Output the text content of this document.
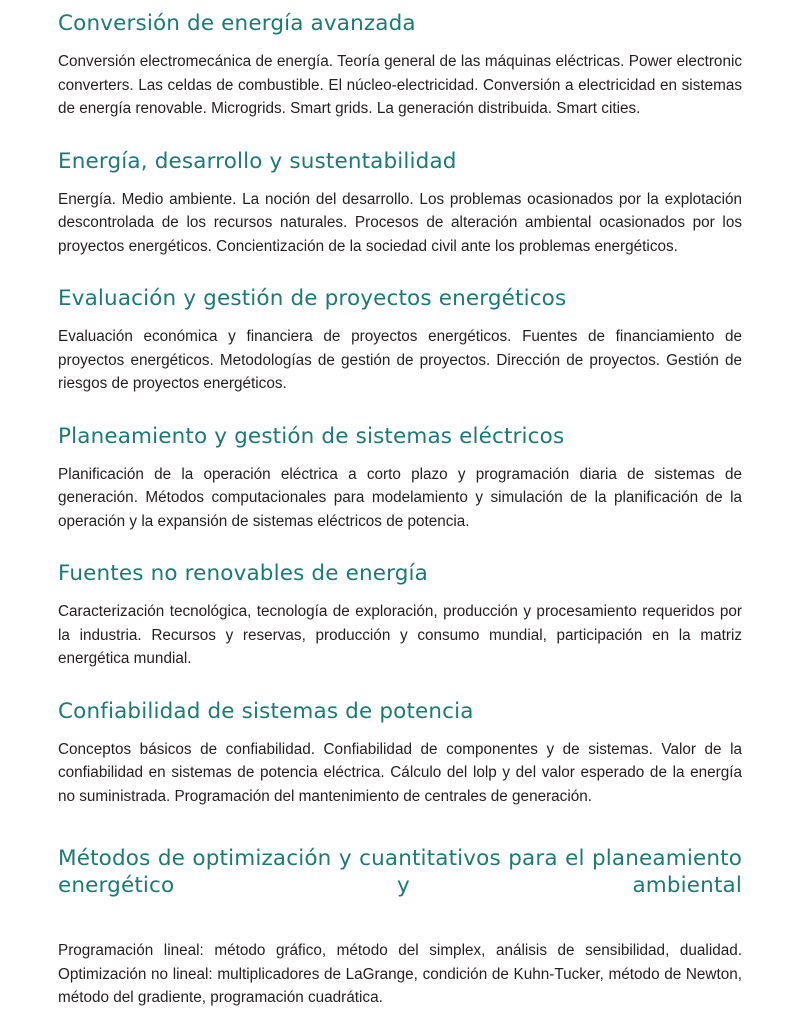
Conversión de energía avanzada

Conversión electromecánica de energía. Teoría general de las máquinas eléctricas. Power electronic converters. Las celdas de combustible. El núcleo-electricidad. Conversión a electricidad en sistemas de energía renovable. Microgrids. Smart grids. La generación distribuida. Smart cities.

Energía, desarrollo y sustentabilidad

Energía. Medio ambiente. La noción del desarrollo. Los problemas ocasionados por la explotación descontrolada de los recursos naturales. Procesos de alteración ambiental ocasionados por los proyectos energéticos. Concientización de la sociedad civil ante los problemas energéticos.

Evaluación y gestión de proyectos energéticos

Evaluación económica y financiera de proyectos energéticos. Fuentes de financiamiento de proyectos energéticos. Metodologías de gestión de proyectos. Dirección de proyectos. Gestión de riesgos de proyectos energéticos.

Planeamiento y gestión de sistemas eléctricos

Planificación de la operación eléctrica a corto plazo y programación diaria de sistemas de generación. Métodos computacionales para modelamiento y simulación de la planificación de la operación y la expansión de sistemas eléctricos de potencia.

Fuentes no renovables de energía

Caracterización tecnológica, tecnología de exploración, producción y procesamiento requeridos por la industria. Recursos y reservas, producción y consumo mundial, participación en la matriz energética mundial.

Confiabilidad de sistemas de potencia

Conceptos básicos de confiabilidad. Confiabilidad de componentes y de sistemas. Valor de la confiabilidad en sistemas de potencia eléctrica. Cálculo del lolp y del valor esperado de la energía no suministrada. Programación del mantenimiento de centrales de generación.

Métodos de optimización y cuantitativos para el planeamiento energético y ambiental

Programación lineal: método gráfico, método del simplex, análisis de sensibilidad, dualidad. Optimización no lineal: multiplicadores de LaGrange, condición de Kuhn-Tucker, método de Newton, método del gradiente, programación cuadrática.
